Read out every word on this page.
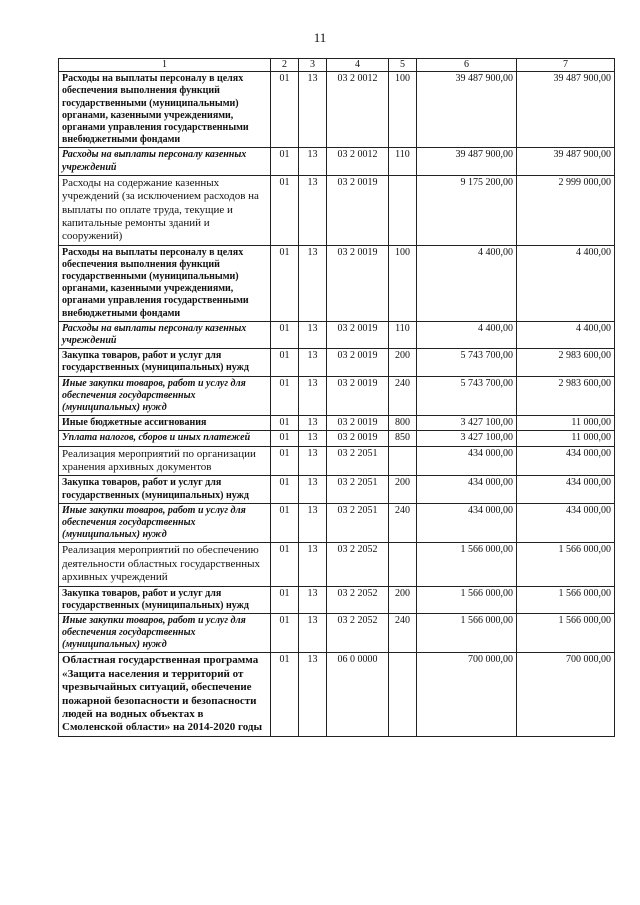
11
1	2	3	4	5	6	7
Расходы на выплаты персоналу в целях обеспечения выполнения функций государственными (муниципальными) органами, казенными учреждениями, органами управления государственными внебюджетными фондами	01	13	03 2 0012	100	39 487 900,00	39 487 900,00
Расходы на выплаты персоналу казенных учреждений	01	13	03 2 0012	110	39 487 900,00	39 487 900,00
Расходы на содержание казенных учреждений (за исключением расходов на выплаты по оплате труда, текущие и капитальные ремонты зданий и сооружений)	01	13	03 2 0019		9 175 200,00	2 999 000,00
Расходы на выплаты персоналу в целях обеспечения выполнения функций государственными (муниципальными) органами, казенными учреждениями, органами управления государственными внебюджетными фондами	01	13	03 2 0019	100	4 400,00	4 400,00
Расходы на выплаты персоналу казенных учреждений	01	13	03 2 0019	110	4 400,00	4 400,00
Закупка товаров, работ и услуг для государственных (муниципальных) нужд	01	13	03 2 0019	200	5 743 700,00	2 983 600,00
Иные закупки товаров, работ и услуг для обеспечения государственных (муниципальных) нужд	01	13	03 2 0019	240	5 743 700,00	2 983 600,00
Иные бюджетные ассигнования	01	13	03 2 0019	800	3 427 100,00	11 000,00
Уплата налогов, сборов и иных платежей	01	13	03 2 0019	850	3 427 100,00	11 000,00
Реализация мероприятий по организации хранения архивных документов	01	13	03 2 2051		434 000,00	434 000,00
Закупка товаров, работ и услуг для государственных (муниципальных) нужд	01	13	03 2 2051	200	434 000,00	434 000,00
Иные закупки товаров, работ и услуг для обеспечения государственных (муниципальных) нужд	01	13	03 2 2051	240	434 000,00	434 000,00
Реализация мероприятий по обеспечению деятельности областных государственных архивных учреждений	01	13	03 2 2052		1 566 000,00	1 566 000,00
Закупка товаров, работ и услуг для государственных (муниципальных) нужд	01	13	03 2 2052	200	1 566 000,00	1 566 000,00
Иные закупки товаров, работ и услуг для обеспечения государственных (муниципальных) нужд	01	13	03 2 2052	240	1 566 000,00	1 566 000,00
Областная государственная программа «Защита населения и территорий от чрезвычайных ситуаций, обеспечение пожарной безопасности и безопасности людей на водных объектах в Смоленской области» на 2014-2020 годы	01	13	06 0 0000		700 000,00	700 000,00
